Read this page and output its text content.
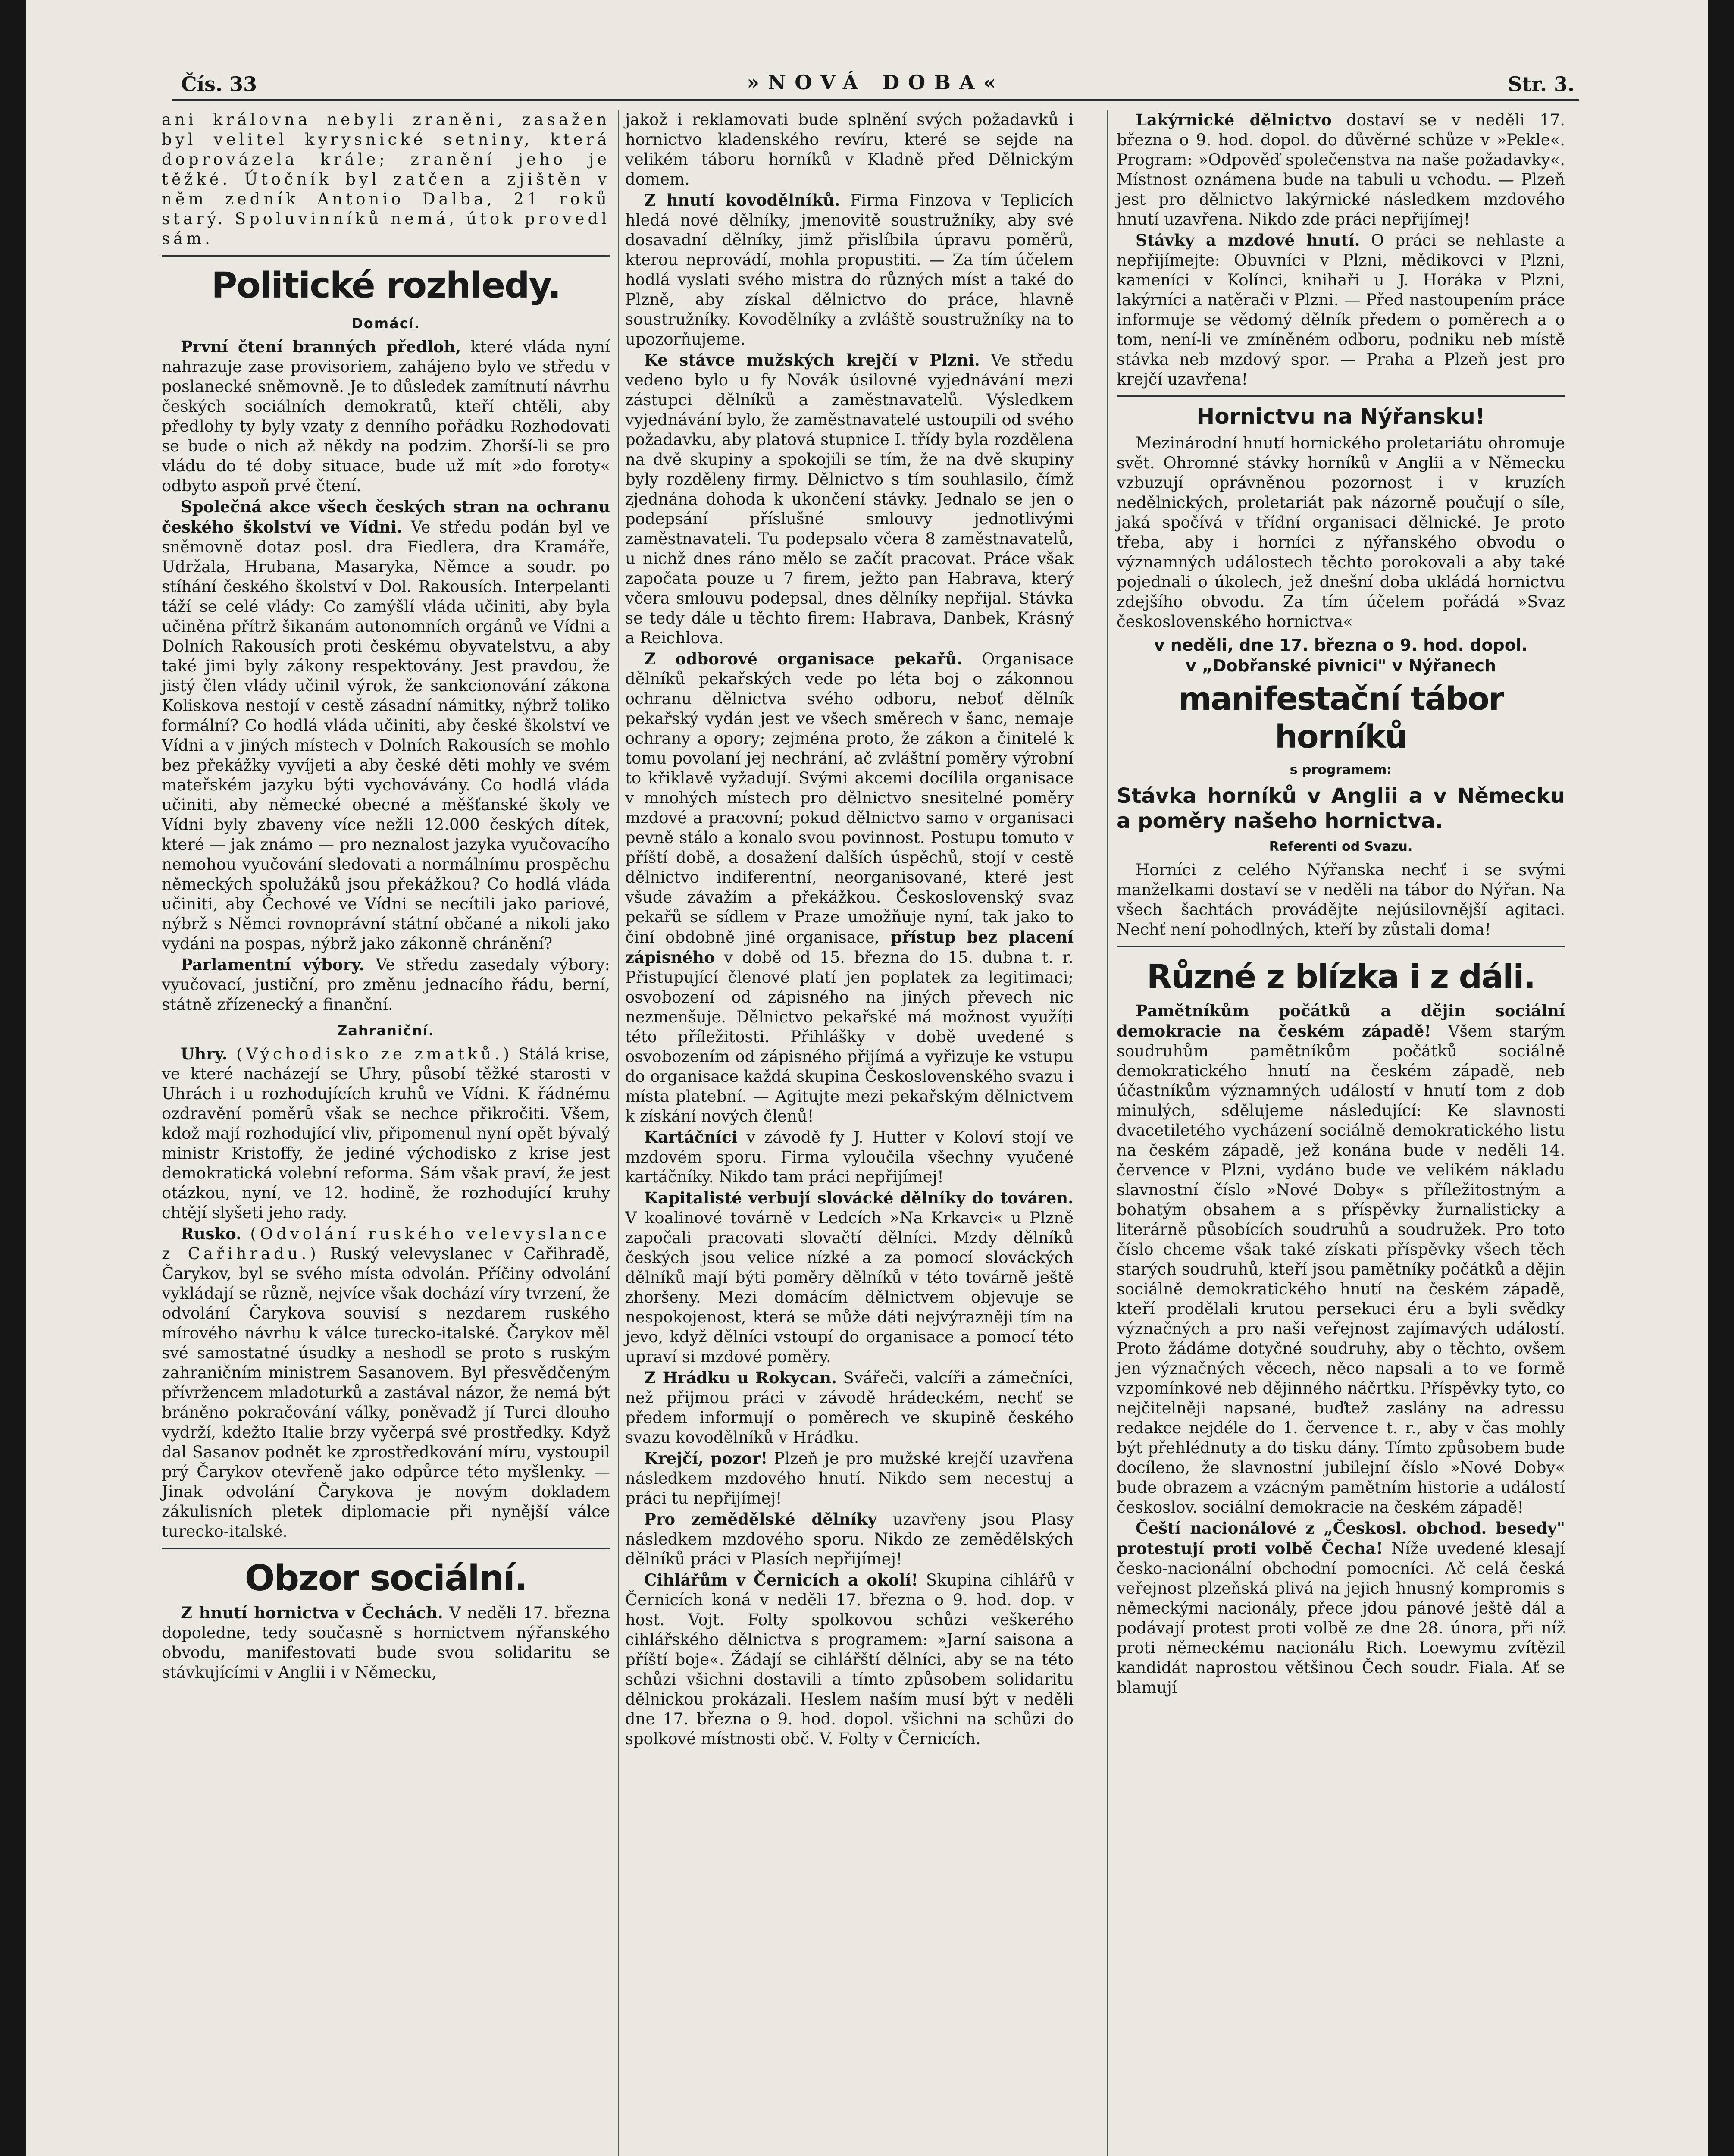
Čís. 33	»NOVÁ DOBA«	Str. 3.

ani královna nebyli zraněni, zasažen byl velitel kyrysnické setniny, která doprovázela krále; zranění jeho je těžké. Útočník byl zatčen a zjištěn v něm zedník Antonio Dalba, 21 roků starý. Spoluvinníků nemá, útok provedl sám.

Politické rozhledy.
Domácí.

První čtení branných předloh, které vláda nyní nahrazuje zase provisoriem, zahájeno bylo ve středu v poslanecké sněmovně. Je to důsledek zamítnutí návrhu českých sociálních demokratů, kteří chtěli, aby předlohy ty byly vzaty z denního pořádku Rozhodovati se bude o nich až někdy na podzim. Zhorší-li se pro vládu do té doby situace, bude už mít »do foroty« odbyto aspoň prvé čtení.

Společná akce všech českých stran na ochranu českého školství ve Vídni. Ve středu podán byl ve sněmovně dotaz posl. dra Fiedlera, dra Kramáře, Udržala, Hrubana, Masaryka, Němce a soudr. po stíhání českého školství v Dol. Rakousích. Interpelanti táží se celé vlády: Co zamýšlí vláda učiniti, aby byla učiněna přítrž šikanám autonomních orgánů ve Vídni a Dolních Rakousích proti českému obyvatelstvu, a aby také jimi byly zákony respektovány. Jest pravdou, že jistý člen vlády učinil výrok, že sankcionování zákona Koliskova nestojí v cestě zásadní námitky, nýbrž toliko formální? Co hodlá vláda učiniti, aby české školství ve Vídni a v jiných místech v Dolních Rakousích se mohlo bez překážky vyvíjeti a aby české děti mohly ve svém mateřském jazyku býti vychovávány. Co hodlá vláda učiniti, aby německé obecné a měšťanské školy ve Vídni byly zbaveny více nežli 12.000 českých dítek, které — jak známo — pro neznalost jazyka vyučovacího nemohou vyučování sledovati a normálnímu prospěchu německých spolužáků jsou překážkou? Co hodlá vláda učiniti, aby Čechové ve Vídni se necítili jako pariové, nýbrž s Němci rovnoprávní státní občané a nikoli jako vydáni na pospas, nýbrž jako zákonně chránění?

Parlamentní výbory. Ve středu zasedaly výbory: vyučovací, justiční, pro změnu jednacího řádu, berní, státně zřízenecký a finanční.

Zahraniční.

Uhry. (Východisko ze zmatků.) Stálá krise, ve které nacházejí se Uhry, působí těžké starosti v Uhrách i u rozhodujících kruhů ve Vídni. K řádnému ozdravění poměrů však se nechce přikročiti. Všem, kdož mají rozhodující vliv, připomenul nyní opět bývalý ministr Kristoffy, že jediné východisko z krise jest demokratická volební reforma. Sám však praví, že jest otázkou, nyní, ve 12. hodině, že rozhodující kruhy chtějí slyšeti jeho rady.

Rusko. (Odvolání ruského velevyslance z Cařihradu.) Ruský velevyslanec v Cařihradě, Čarykov, byl se svého místa odvolán. Příčiny odvolání vykládají se různě, nejvíce však dochází víry tvrzení, že odvolání Čarykova souvisí s nezdarem ruského mírového návrhu k válce turecko-italské. Čarykov měl své samostatné úsudky a neshodl se proto s ruským zahraničním ministrem Sasanovem. Byl přesvědčeným přívržencem mladoturků a zastával názor, že nemá být bráněno pokračování války, poněvadž jí Turci dlouho vydrží, kdežto Italie brzy vyčerpá své prostředky. Když dal Sasanov podnět ke zprostředkování míru, vystoupil prý Čarykov otevřeně jako odpůrce této myšlenky. — Jinak odvolání Čarykova je novým dokladem zákulisních pletek diplomacie při nynější válce turecko-italské.

Obzor sociální.

Z hnutí hornictva v Čechách. V neděli 17. března dopoledne, tedy současně s hornictvem nýřanského obvodu, manifestovati bude svou solidaritu se stávkujícími v Anglii i v Německu,

jakož i reklamovati bude splnění svých požadavků i hornictvo kladenského revíru, které se sejde na velikém táboru horníků v Kladně před Dělnickým domem.

Z hnutí kovodělníků. Firma Finzova v Teplicích hledá nové dělníky, jmenovitě soustružníky, aby své dosavadní dělníky, jimž přislíbila úpravu poměrů, kterou neprovádí, mohla propustiti. — Za tím účelem hodlá vyslati svého mistra do různých míst a také do Plzně, aby získal dělnictvo do práce, hlavně soustružníky. Kovodělníky a zvláště soustružníky na to upozorňujeme.

Ke stávce mužských krejčí v Plzni. Ve středu vedeno bylo u fy Novák úsilovné vyjednávání mezi zástupci dělníků a zaměstnavatelů. Výsledkem vyjednávání bylo, že zaměstnavatelé ustoupili od svého požadavku, aby platová stupnice I. třídy byla rozdělena na dvě skupiny a spokojili se tím, že na dvě skupiny byly rozděleny firmy. Dělnictvo s tím souhlasilo, čímž zjednána dohoda k ukončení stávky. Jednalo se jen o podepsání příslušné smlouvy jednotlivými zaměstnavateli. Tu podepsalo včera 8 zaměstnavatelů, u nichž dnes ráno mělo se začít pracovat. Práce však započata pouze u 7 firem, ježto pan Habrava, který včera smlouvu podepsal, dnes dělníky nepřijal. Stávka se tedy dále u těchto firem: Habrava, Danbek, Krásný a Reichlova.

Z odborové organisace pekařů. Organisace dělníků pekařských vede po léta boj o zákonnou ochranu dělnictva svého odboru, neboť dělník pekařský vydán jest ve všech směrech v šanc, nemaje ochrany a opory; zejména proto, že zákon a činitelé k tomu povolaní jej nechrání, ač zvláštní poměry výrobní to křiklavě vyžadují. Svými akcemi docílila organisace v mnohých místech pro dělnictvo snesitelné poměry mzdové a pracovní; pokud dělnictvo samo v organisaci pevně stálo a konalo svou povinnost. Postupu tomuto v příští době, a dosažení dalších úspěchů, stojí v cestě dělnictvo indiferentní, neorganisované, které jest všude závažím a překážkou. Československý svaz pekařů se sídlem v Praze umožňuje nyní, tak jako to činí obdobně jiné organisace, přístup bez placení zápisného v době od 15. března do 15. dubna t. r. Přistupující členové platí jen poplatek za legitimaci; osvobození od zápisného na jiných převech nic nezmenšuje. Dělnictvo pekařské má možnost využíti této příležitosti. Přihlášky v době uvedené s osvobozením od zápisného přijímá a vyřizuje ke vstupu do organisace každá skupina Československého svazu i místa platební. — Agitujte mezi pekařským dělnictvem k získání nových členů!

Kartáčníci v závodě fy J. Hutter v Koloví stojí ve mzdovém sporu. Firma vyloučila všechny vyučené kartáčníky. Nikdo tam práci nepřijímej!

Kapitalisté verbují slovácké dělníky do továren. V koalinové továrně v Ledcích »Na Krkavci« u Plzně započali pracovati slovačtí dělníci. Mzdy dělníků českých jsou velice nízké a za pomocí slováckých dělníků mají býti poměry dělníků v této továrně ještě zhoršeny. Mezi domácím dělnictvem objevuje se nespokojenost, která se může dáti nejvýrazněji tím na jevo, když dělníci vstoupí do organisace a pomocí této upraví si mzdové poměry.

Z Hrádku u Rokycan. Svářeči, valcíři a zámečníci, než přijmou práci v závodě hrádeckém, nechť se předem informují o poměrech ve skupině českého svazu kovodělníků v Hrádku.

Krejčí, pozor! Plzeň je pro mužské krejčí uzavřena následkem mzdového hnutí. Nikdo sem necestuj a práci tu nepřijímej!

Pro zemědělské dělníky uzavřeny jsou Plasy následkem mzdového sporu. Nikdo ze zemědělských dělníků práci v Plasích nepřijímej!

Cihlářům v Černicích a okolí! Skupina cihlářů v Černicích koná v neděli 17. března o 9. hod. dop. v host. Vojt. Folty spolkovou schůzi veškerého cihlářského dělnictva s programem: »Jarní saisona a příští boje«. Žádají se cihlářští dělníci, aby se na této schůzi všichni dostavili a tímto způsobem solidaritu dělnickou prokázali. Heslem naším musí být v neděli dne 17. března o 9. hod. dopol. všichni na schůzi do spolkové místnosti obč. V. Folty v Černicích.

Lakýrnické dělnictvo dostaví se v neděli 17. března o 9. hod. dopol. do důvěrné schůze v »Pekle«. Program: »Odpověď společenstva na naše požadavky«. Místnost oznámena bude na tabuli u vchodu. — Plzeň jest pro dělnictvo lakýrnické následkem mzdového hnutí uzavřena. Nikdo zde práci nepřijímej!

Stávky a mzdové hnutí. O práci se nehlaste a nepřijímejte: Obuvníci v Plzni, mědikovci v Plzni, kameníci v Kolínci, knihaři u J. Horáka v Plzni, lakýrníci a natěrači v Plzni. — Před nastoupením práce informuje se vědomý dělník předem o poměrech a o tom, není-li ve zmíněném odboru, podniku neb místě stávka neb mzdový spor. — Praha a Plzeň jest pro krejčí uzavřena!

Hornictvu na Nýřansku!

Mezinárodní hnutí hornického proletariátu ohromuje svět. Ohromné stávky horníků v Anglii a v Německu vzbuzují oprávněnou pozornost i v kruzích nedělnických, proletariát pak názorně poučují o síle, jaká spočívá v třídní organisaci dělnické. Je proto třeba, aby i horníci z nýřanského obvodu o významných událostech těchto porokovali a aby také pojednali o úkolech, jež dnešní doba ukládá hornictvu zdejšího obvodu. Za tím účelem pořádá »Svaz československého hornictva«

v neděli, dne 17. března o 9. hod. dopol.

v „Dobřanské pivnici" v Nýřanech

manifestační tábor horníků
s programem:
Stávka horníků v Anglii a v Německu a poměry našeho hornictva.
Referenti od Svazu.

Horníci z celého Nýřanska nechť i se svými manželkami dostaví se v neděli na tábor do Nýřan. Na všech šachtách provádějte nejúsilovnější agitaci. Nechť není pohodlných, kteří by zůstali doma!

Různé z blízka i z dáli.

Pamětníkům počátků a dějin sociální demokracie na českém západě! Všem starým soudruhům pamětníkům počátků sociálně demokratického hnutí na českém západě, neb účastníkům významných událostí v hnutí tom z dob minulých, sdělujeme následující: Ke slavnosti dvacetiletého vycházení sociálně demokratického listu na českém západě, jež konána bude v neděli 14. července v Plzni, vydáno bude ve velikém nákladu slavnostní číslo »Nové Doby« s příležitostným a bohatým obsahem a s příspěvky žurnalisticky a literárně působících soudruhů a soudružek. Pro toto číslo chceme však také získati příspěvky všech těch starých soudruhů, kteří jsou pamětníky počátků a dějin sociálně demokratického hnutí na českém západě, kteří prodělali krutou persekuci éru a byli svědky význačných a pro naši veřejnost zajímavých událostí. Proto žádáme dotyčné soudruhy, aby o těchto, ovšem jen význačných věcech, něco napsali a to ve formě vzpomínkové neb dějinného náčrtku. Příspěvky tyto, co nejčitelněji napsané, buďtež zaslány na adressu redakce nejdéle do 1. července t. r., aby v čas mohly být přehlédnuty a do tisku dány. Tímto způsobem bude docíleno, že slavnostní jubilejní číslo »Nové Doby« bude obrazem a vzácným pamětním historie a událostí českoslov. sociální demokracie na českém západě!

Čeští nacionálové z „Českosl. obchod. besedy" protestují proti volbě Čecha! Níže uvedené klesají česko-nacionální obchodní pomocníci. Ač celá česká veřejnost plzeňská plivá na jejich hnusný kompromis s německými nacionály, přece jdou pánové ještě dál a podávají protest proti volbě ze dne 28. února, při níž proti německému nacionálu Rich. Loewymu zvítězil kandidát naprostou většinou Čech soudr. Fiala. Ať se blamují
